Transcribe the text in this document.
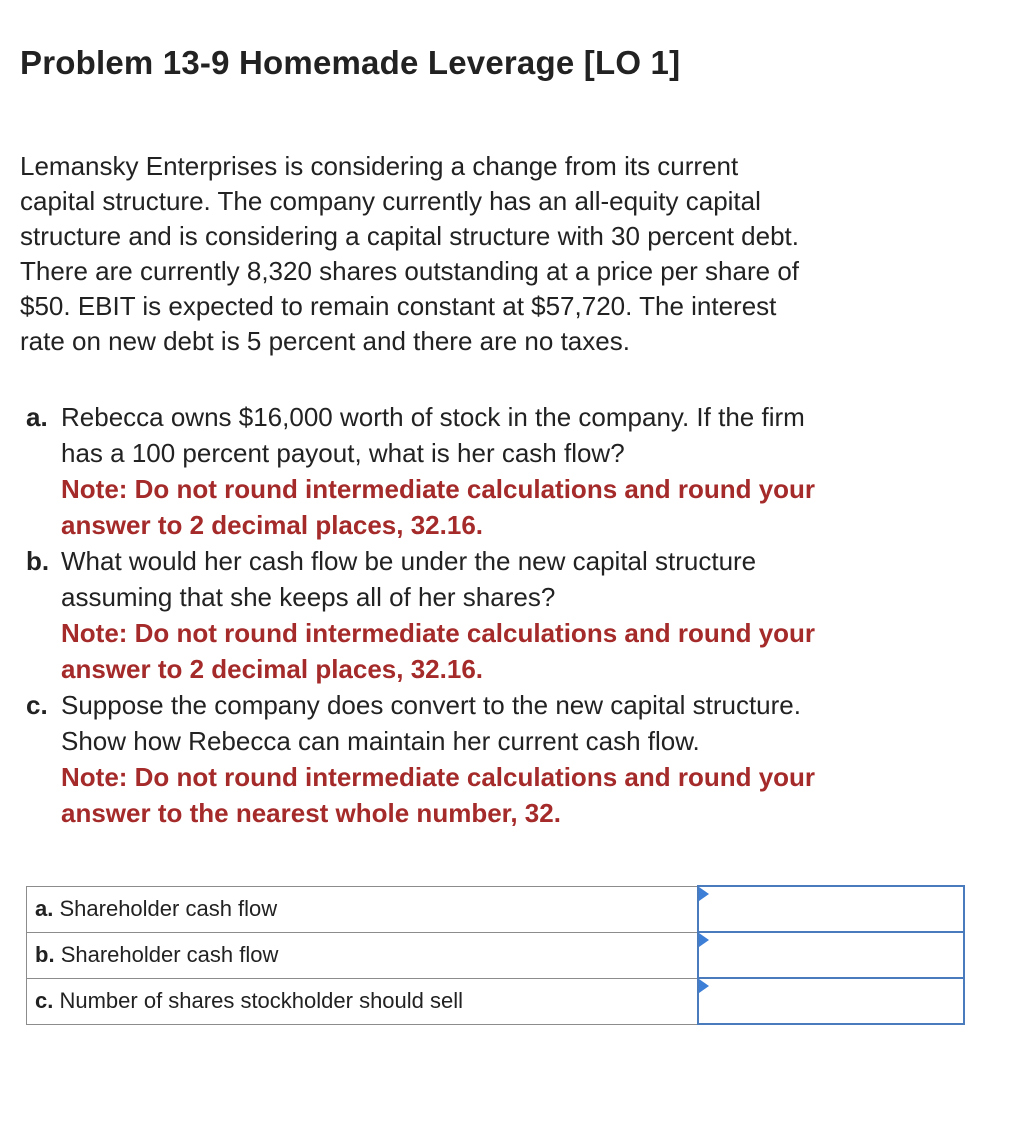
Problem 13-9 Homemade Leverage [LO 1]

Lemansky Enterprises is considering a change from its current

capital structure. The company currently has an all-equity capital

structure and is considering a capital structure with 30 percent debt.

There are currently 8,320 shares outstanding at a price per share of

$50. EBIT is expected to remain constant at $57,720. The interest

rate on new debt is 5 percent and there are no taxes.

a. Rebecca owns $16,000 worth of stock in the company. If the firm
has a 100 percent payout, what is her cash flow?
Note: Do not round intermediate calculations and round your
answer to 2 decimal places, 32.16.
b. What would her cash flow be under the new capital structure
assuming that she keeps all of her shares?
Note: Do not round intermediate calculations and round your
answer to 2 decimal places, 32.16.
c. Suppose the company does convert to the new capital structure.
Show how Rebecca can maintain her current cash flow.
Note: Do not round intermediate calculations and round your
answer to the nearest whole number, 32.
a. Shareholder cash flow	

b. Shareholder cash flow	

c. Number of shares stockholder should sell	
